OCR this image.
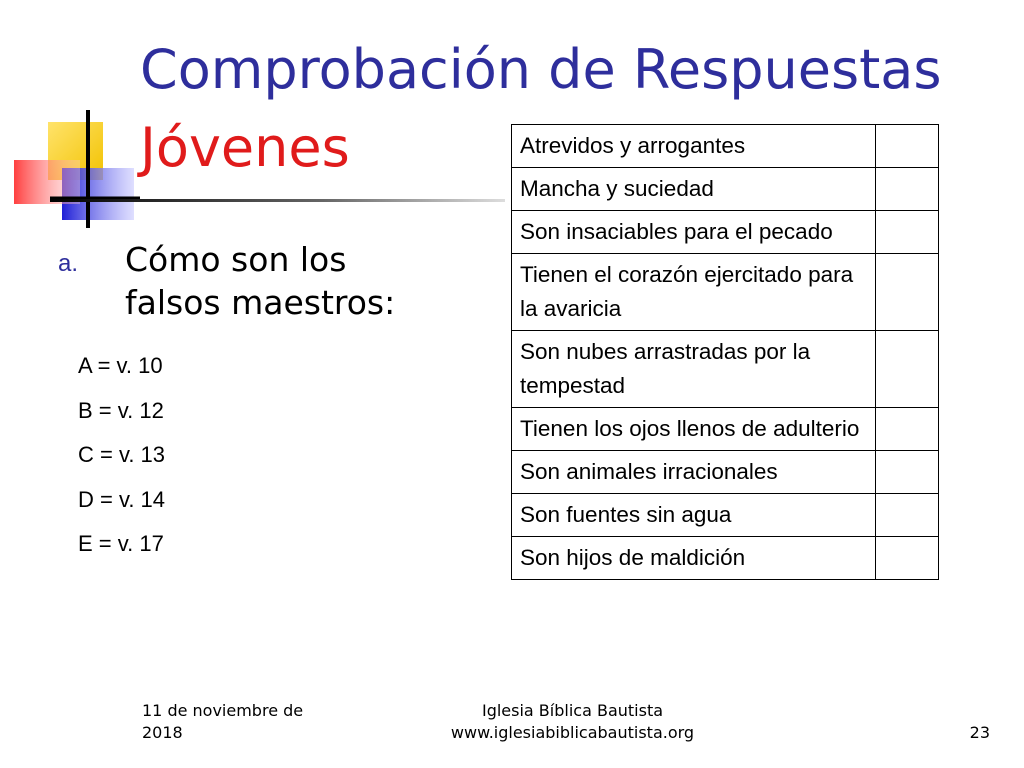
Comprobación de Respuestas
Jóvenes
a. Cómo son los falsos maestros:
A = v. 10
B = v. 12
C = v. 13
D = v. 14
E = v. 17
Atrevidos y arrogantes	
Mancha y suciedad	
Son insaciables para el pecado	
Tienen el corazón ejercitado para la avaricia	
Son nubes arrastradas por la tempestad	
Tienen los ojos llenos de adulterio	
Son animales irracionales	
Son fuentes sin agua	
Son hijos de maldición	
11 de noviembre de 2018
Iglesia Bíblica Bautista
www.iglesiabiblicabautista.org	23
